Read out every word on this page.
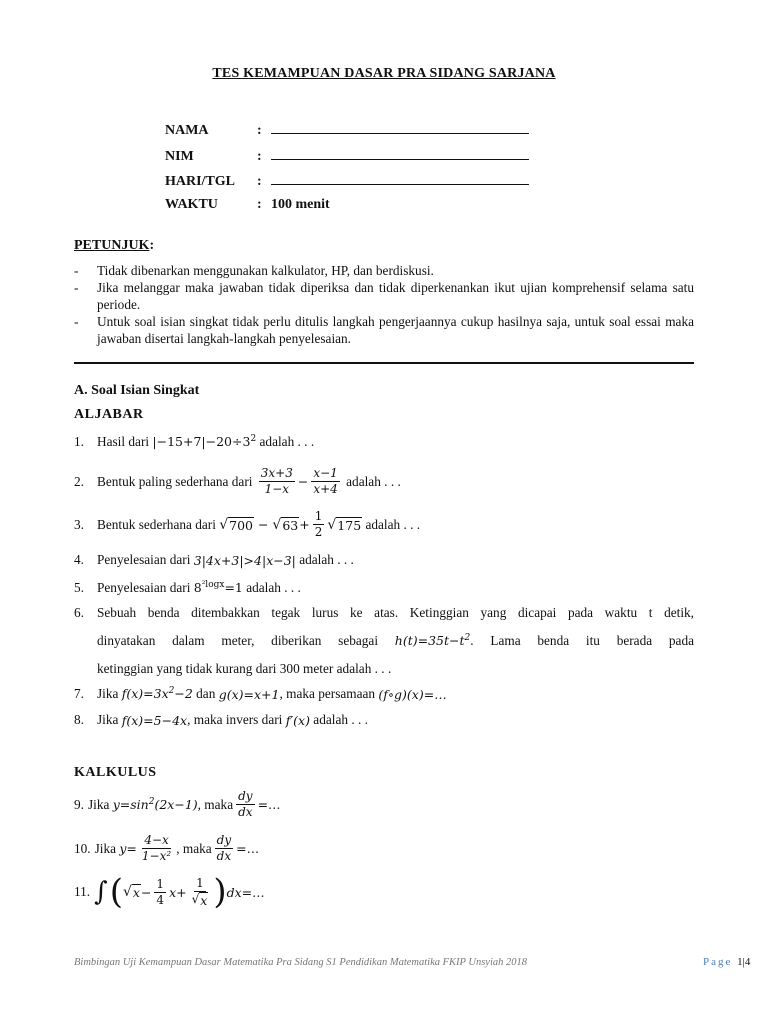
TES KEMAMPUAN DASAR PRA SIDANG SARJANA
NAMA	:
NIM	:
HARI/TGL	:
WAKTU	: 100 menit
PETUNJUK:
-	Tidak dibenarkan menggunakan kalkulator, HP, dan berdiskusi.
-	Jika melanggar maka jawaban tidak diperiksa dan tidak diperkenankan ikut ujian komprehensif selama satu periode.
-	Untuk soal isian singkat tidak perlu ditulis langkah pengerjaannya cukup hasilnya saja, untuk soal essai maka jawaban disertai langkah-langkah penyelesaian.
A. Soal Isian Singkat
ALJABAR
1. Hasil dari
$|-15+7|-20\div 3^2$
adalah . . .
2. Bentuk paling sederhana dari
$\frac{3x+3}{1-x} - \frac{x-1}{x+4}$
adalah . . .
3. Bentuk sederhana dari
√ 700 − √ $63 + \frac{1}{2}$ √ 175
adalah . . .
4. Penyelesaian dari
3|4x+3|>4|x−3|
adalah . . .
5. Penyelesaian dari
$8^{^2logx}=1$
adalah . . .
6. Sebuah benda ditembakkan tegak lurus ke atas. Ketinggian yang dicapai pada waktu t detik,
dinyatakan dalam meter, diberikan sebagai $h(t)=35t-t^2$. Lama benda itu berada pada
ketinggian yang tidak kurang dari 300 meter adalah . . .
7. Jika
$f(x)=3x^2-2$
dan
g(x)=x+1 , maka persamaan
(f∘g)(x)=…
8. Jika
f(x)=5−4x , maka invers dari
f′(x)
adalah . . .
KALKULUS
9. Jika
$y=\sin^2(2x-1)$ , maka $\frac{dy}{dx}$ =…
10. Jika
$y= \frac{4-x}{\text{1−x²}}$ , maka $\frac{dy}{dx}$ =…
11. ∫ ( √ $x - \frac{1}{4}$ $x + \frac{1}{√ x}$ ) dx=…
Bimbingan Uji Kemampuan Dasar Matematika Pra Sidang S1 Pendidikan Matematika FKIP Unsyiah 2018	Page 1|4
